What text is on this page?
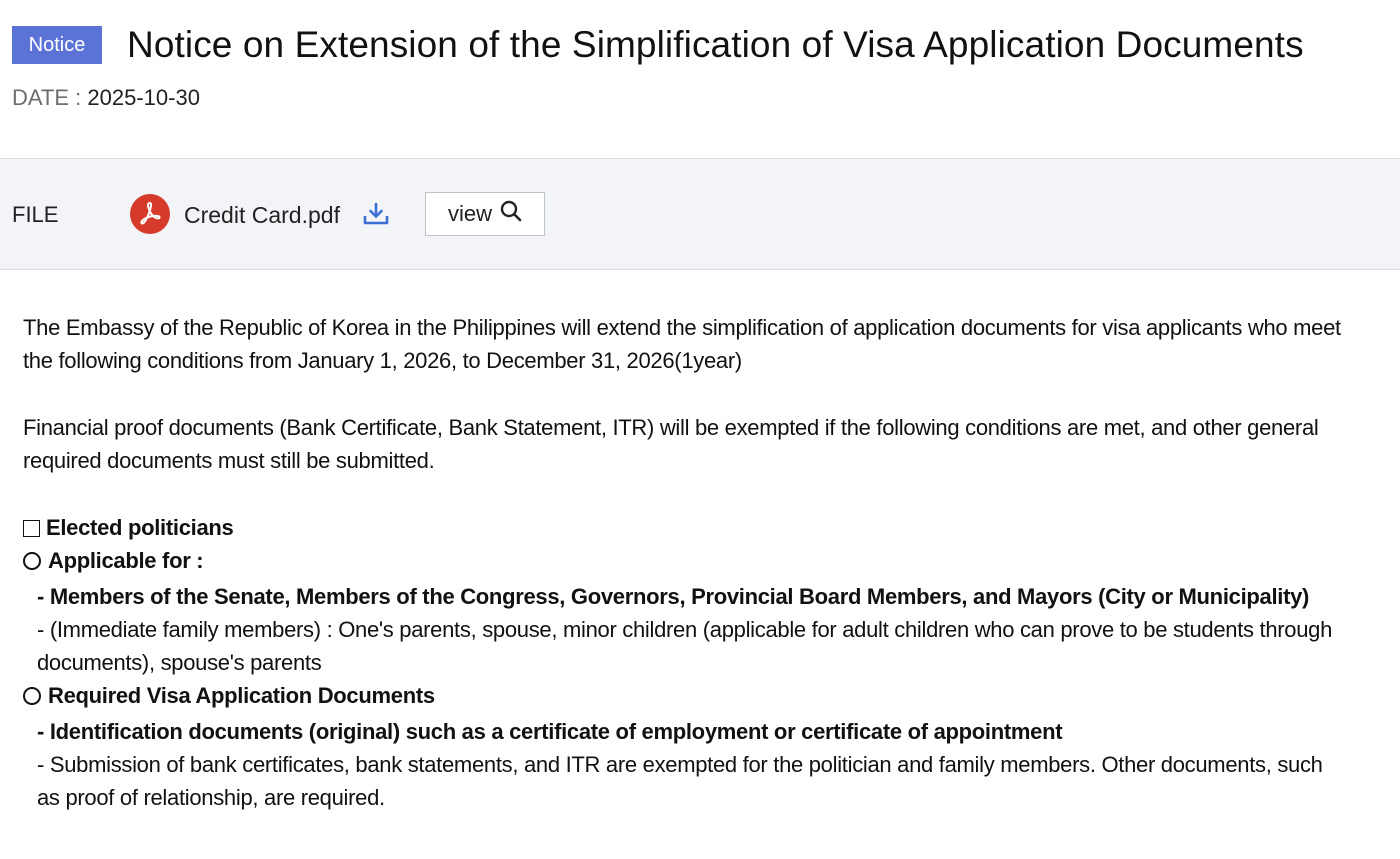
Notice	Notice on Extension of the Simplification of Visa Application Documents
DATE : 2025-10-30
FILE	Credit Card.pdf	view

The Embassy of the Republic of Korea in the Philippines will extend the simplification of application documents for visa applicants who meet the following conditions from January 1, 2026, to December 31, 2026(1year)

Financial proof documents (Bank Certificate, Bank Statement, ITR) will be exempted if the following conditions are met, and other general required documents must still be submitted.

Elected politicians

Applicable for :

- Members of the Senate, Members of the Congress, Governors, Provincial Board Members, and Mayors (City or Municipality)

- (Immediate family members) : One's parents, spouse, minor children (applicable for adult children who can prove to be students through documents), spouse's parents

Required Visa Application Documents

- Identification documents (original) such as a certificate of employment or certificate of appointment

- Submission of bank certificates, bank statements, and ITR are exempted for the politician and family members. Other documents, such as proof of relationship, are required.
